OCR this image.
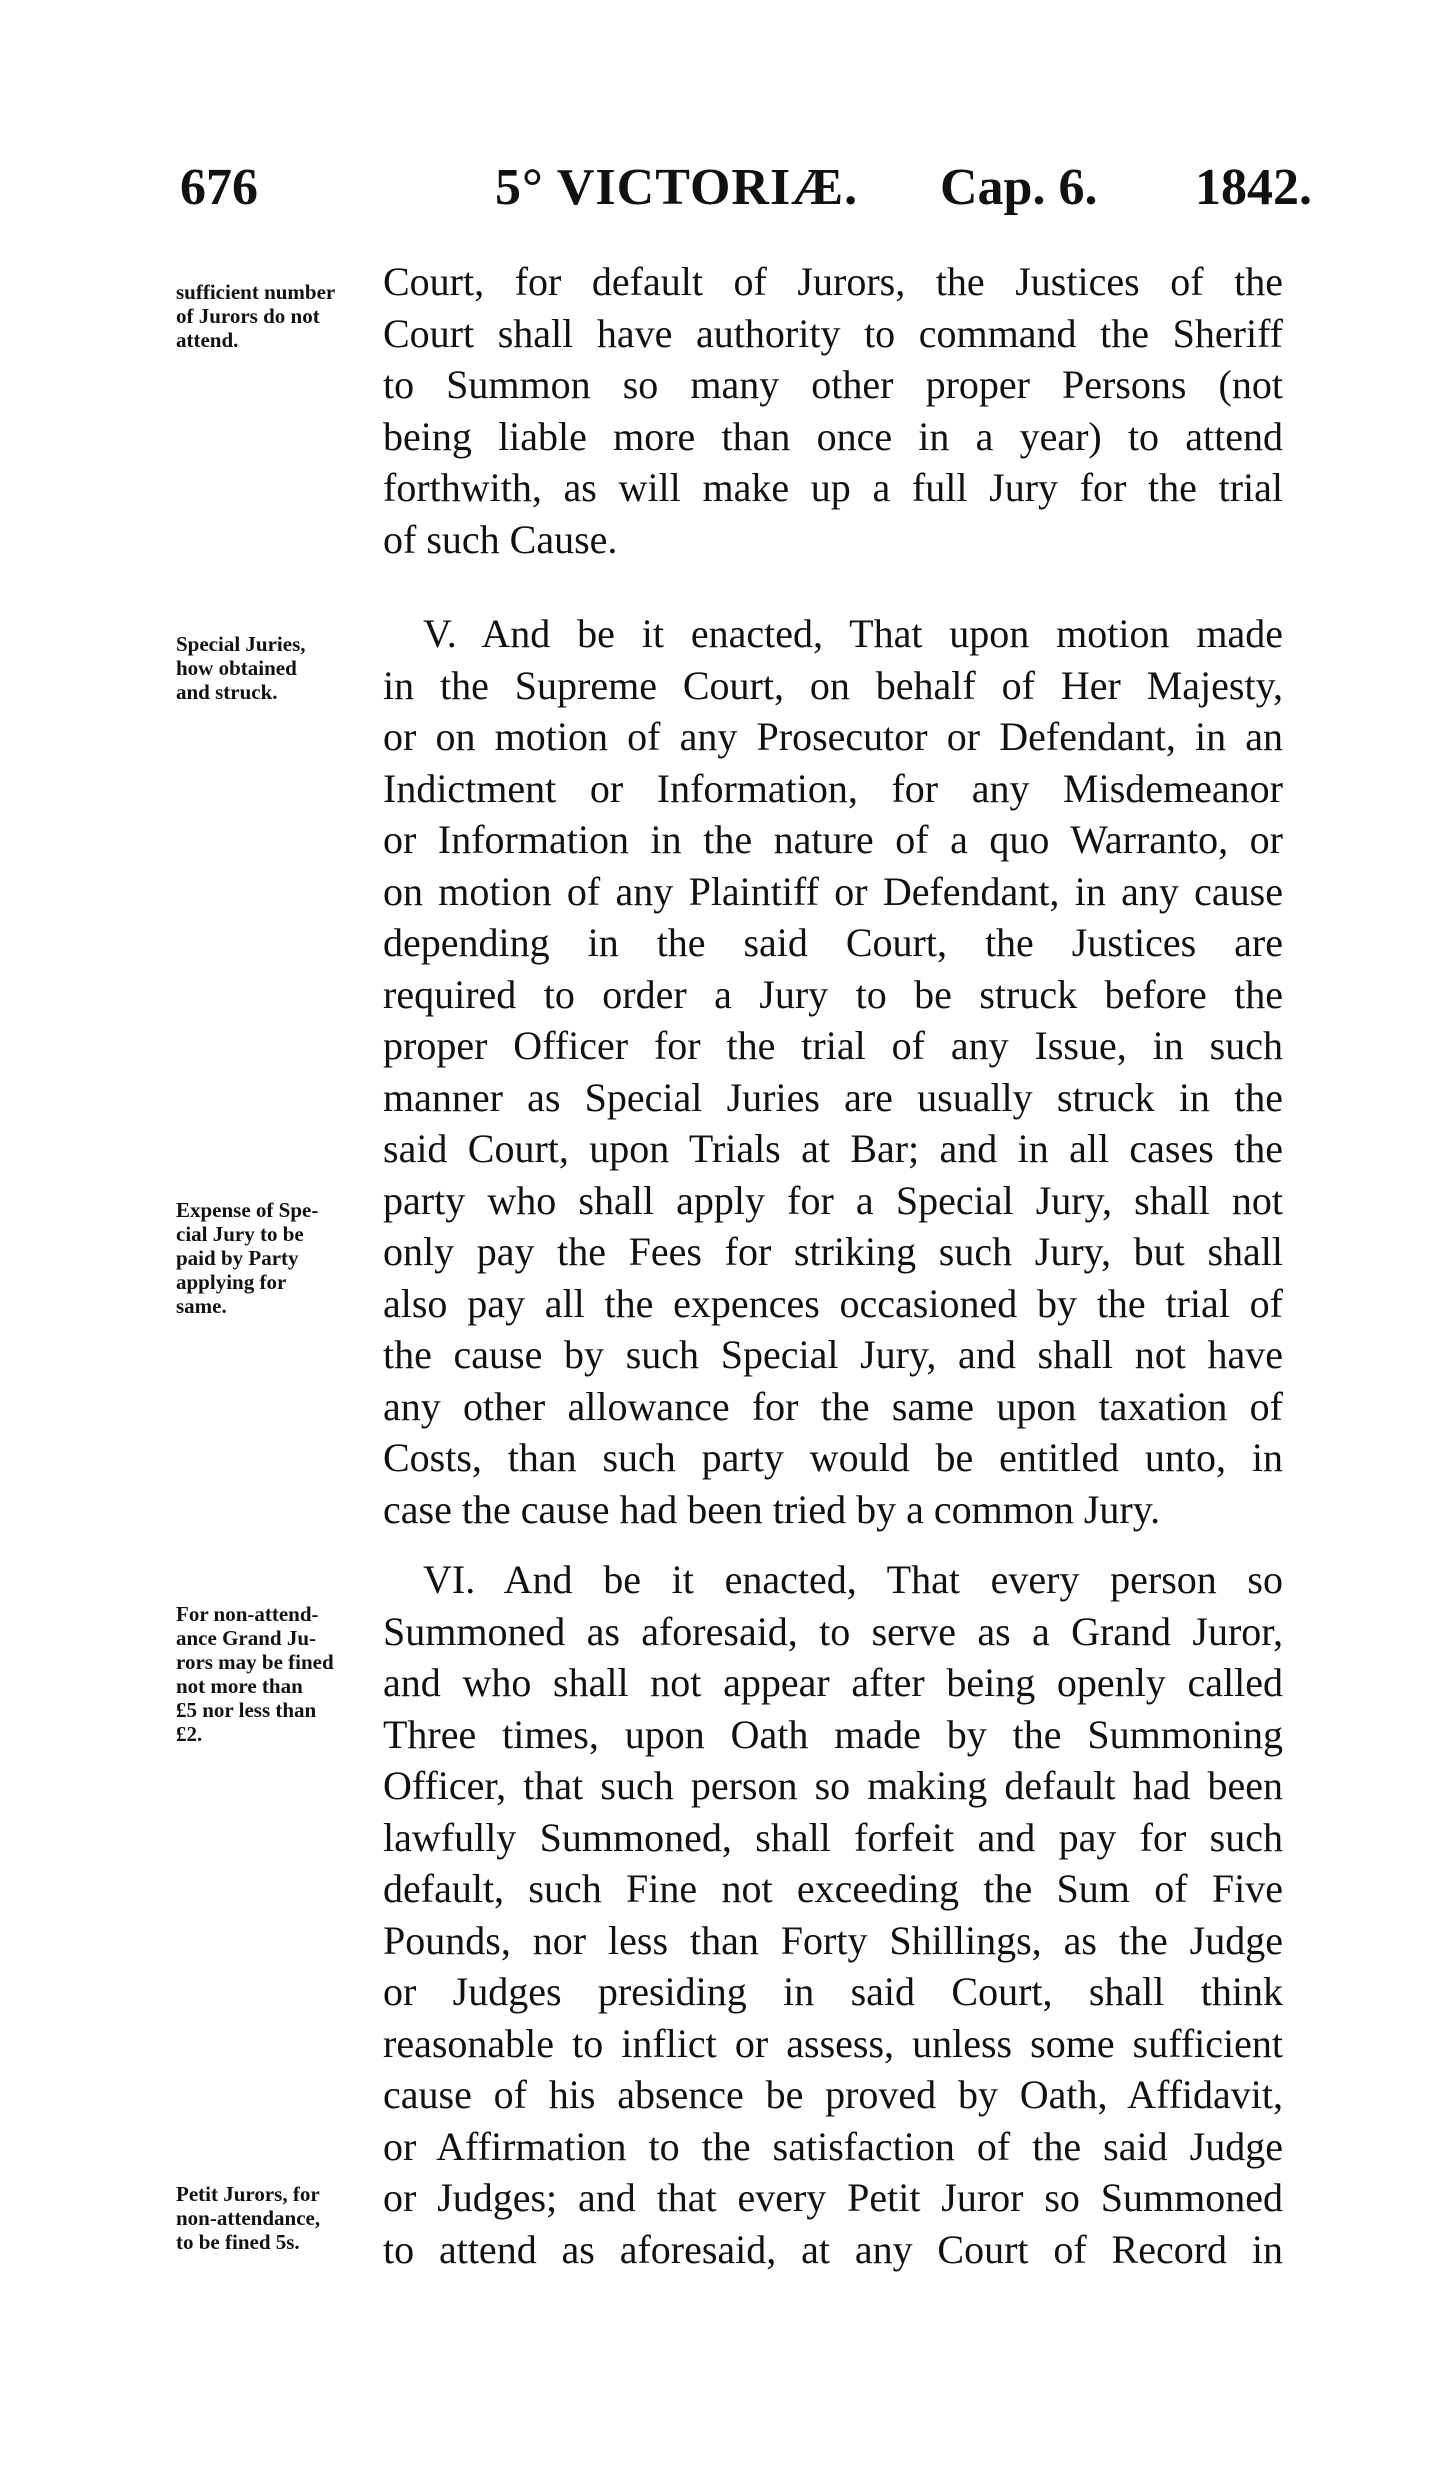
676	5° VICTORIÆ. Cap. 6. 1842.
Court, for default of Jurors, the Justices of the
Court shall have authority to command the Sheriff
to Summon so many other proper Persons (not
being liable more than once in a year) to attend
forthwith, as will make up a full Jury for the trial
of such Cause.
V. And be it enacted, That upon motion made
in the Supreme Court, on behalf of Her Majesty,
or on motion of any Prosecutor or Defendant, in an
Indictment or Information, for any Misdemeanor
or Information in the nature of a quo Warranto, or
on motion of any Plaintiff or Defendant, in any cause
depending in the said Court, the Justices are
required to order a Jury to be struck before the
proper Officer for the trial of any Issue, in such
manner as Special Juries are usually struck in the
said Court, upon Trials at Bar; and in all cases the
party who shall apply for a Special Jury, shall not
only pay the Fees for striking such Jury, but shall
also pay all the expences occasioned by the trial of
the cause by such Special Jury, and shall not have
any other allowance for the same upon taxation of
Costs, than such party would be entitled unto, in
case the cause had been tried by a common Jury.
VI. And be it enacted, That every person so
Summoned as aforesaid, to serve as a Grand Juror,
and who shall not appear after being openly called
Three times, upon Oath made by the Summoning
Officer, that such person so making default had been
lawfully Summoned, shall forfeit and pay for such
default, such Fine not exceeding the Sum of Five
Pounds, nor less than Forty Shillings, as the Judge
or Judges presiding in said Court, shall think
reasonable to inflict or assess, unless some sufficient
cause of his absence be proved by Oath, Affidavit,
or Affirmation to the satisfaction of the said Judge
or Judges; and that every Petit Juror so Summoned
to attend as aforesaid, at any Court of Record in
sufficient number
of Jurors do not
attend.
Special Juries,
how obtained
and struck.
Expense of Spe-
cial Jury to be
paid by Party
applying for
same.
For non-attend-
ance Grand Ju-
rors may be fined
not more than
£5 nor less than
£2.
Petit Jurors, for
non-attendance,
to be fined 5s.
